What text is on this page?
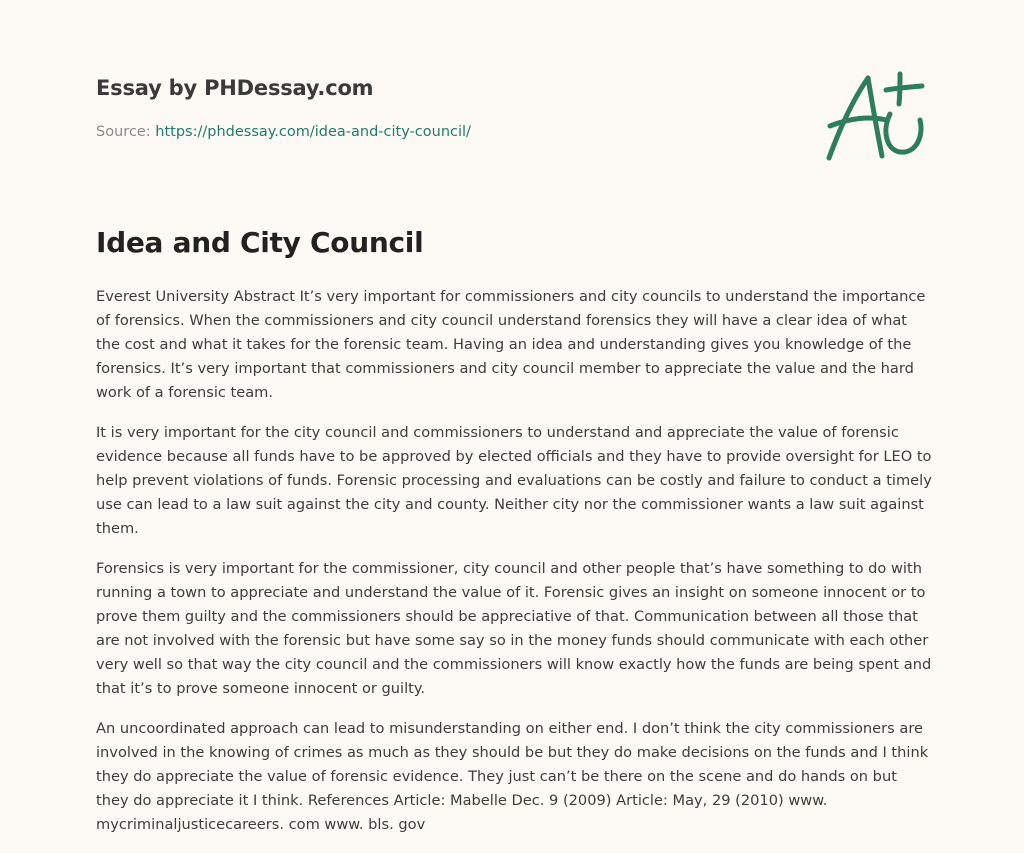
Essay by PHDessay.com

Source: https://phdessay.com/idea-and-city-council/

Idea and City Council

Everest University Abstract It’s very important for commissioners and city councils to understand the importance of forensics. When the commissioners and city council understand forensics they will have a clear idea of what the cost and what it takes for the forensic team. Having an idea and understanding gives you knowledge of the forensics. It’s very important that commissioners and city council member to appreciate the value and the hard work of a forensic team.

It is very important for the city council and commissioners to understand and appreciate the value of forensic evidence because all funds have to be approved by elected officials and they have to provide oversight for LEO to help prevent violations of funds. Forensic processing and evaluations can be costly and failure to conduct a timely use can lead to a law suit against the city and county. Neither city nor the commissioner wants a law suit against them.

Forensics is very important for the commissioner, city council and other people that’s have something to do with running a town to appreciate and understand the value of it. Forensic gives an insight on someone innocent or to prove them guilty and the commissioners should be appreciative of that. Communication between all those that are not involved with the forensic but have some say so in the money funds should communicate with each other very well so that way the city council and the commissioners will know exactly how the funds are being spent and that it’s to prove someone innocent or guilty.

An uncoordinated approach can lead to misunderstanding on either end. I don’t think the city commissioners are involved in the knowing of crimes as much as they should be but they do make decisions on the funds and I think they do appreciate the value of forensic evidence. They just can’t be there on the scene and do hands on but they do appreciate it I think. References Article: Mabelle Dec. 9 (2009) Article: May, 29 (2010) www. mycriminaljusticecareers. com www. bls. gov
